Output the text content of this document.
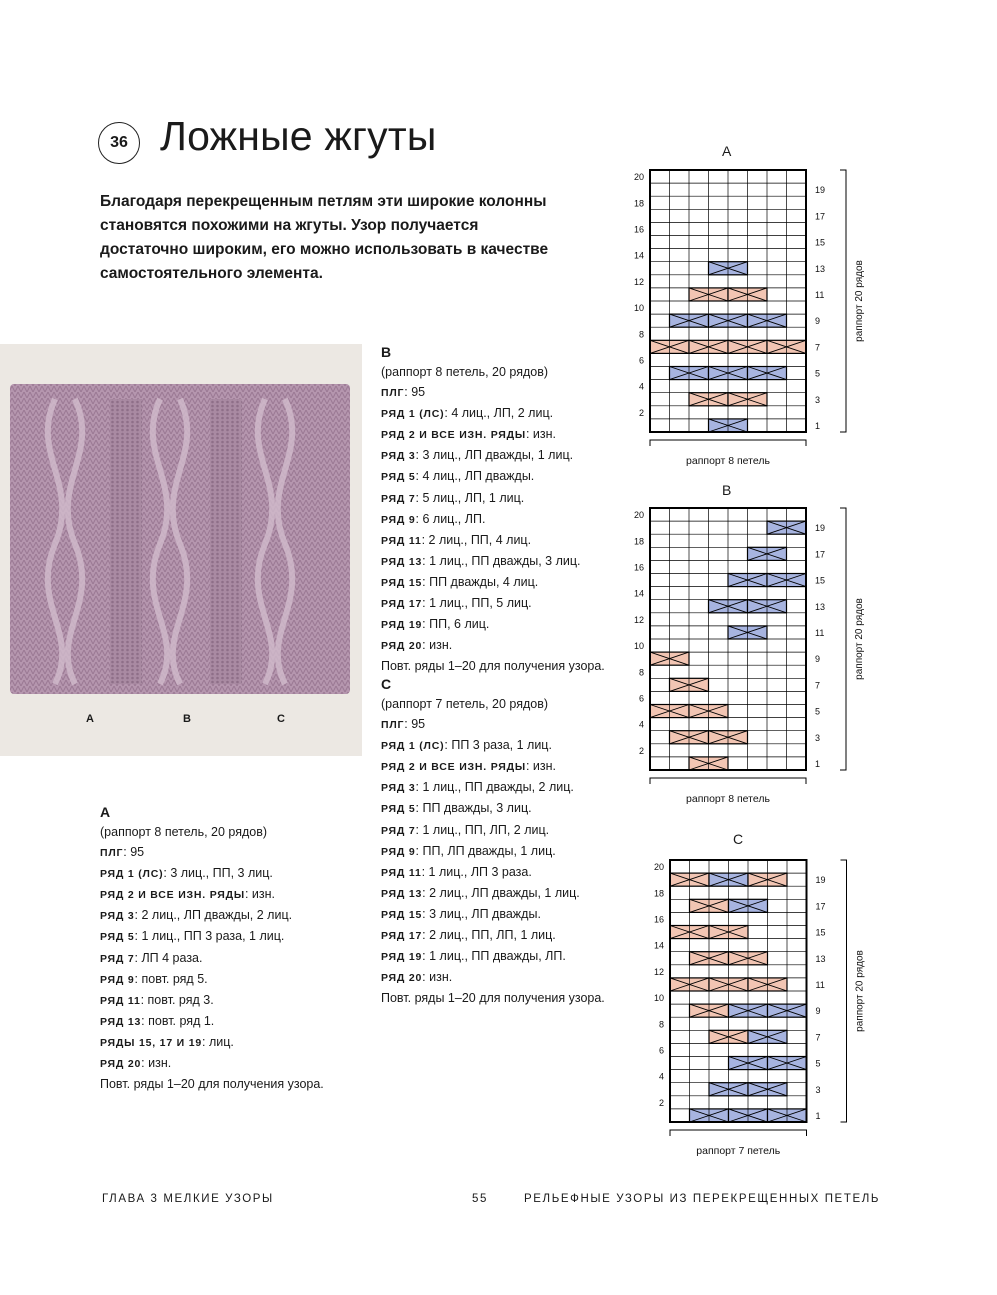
36 Ложные жгуты
Благодаря перекрещенным петлям эти широкие колонны становятся похожими на жгуты. Узор получается достаточно широким, его можно использовать в качестве самостоятельного элемента.
A	B	C
B
(раппорт 8 петель, 20 рядов)
ПЛГ: 95
РЯД 1 (ЛС): 4 лиц., ЛП, 2 лиц.
РЯД 2 И ВСЕ ИЗН. РЯДЫ: изн.
РЯД 3: 3 лиц., ЛП дважды, 1 лиц.
РЯД 5: 4 лиц., ЛП дважды.
РЯД 7: 5 лиц., ЛП, 1 лиц.
РЯД 9: 6 лиц., ЛП.
РЯД 11: 2 лиц., ПП, 4 лиц.
РЯД 13: 1 лиц., ПП дважды, 3 лиц.
РЯД 15: ПП дважды, 4 лиц.
РЯД 17: 1 лиц., ПП, 5 лиц.
РЯД 19: ПП, 6 лиц.
РЯД 20: изн.
Повт. ряды 1–20 для получения узора.
C
(раппорт 7 петель, 20 рядов)
ПЛГ: 95
РЯД 1 (ЛС): ПП 3 раза, 1 лиц.
РЯД 2 И ВСЕ ИЗН. РЯДЫ: изн.
РЯД 3: 1 лиц., ПП дважды, 2 лиц.
РЯД 5: ПП дважды, 3 лиц.
РЯД 7: 1 лиц., ПП, ЛП, 2 лиц.
РЯД 9: ПП, ЛП дважды, 1 лиц.
РЯД 11: 1 лиц., ЛП 3 раза.
РЯД 13: 2 лиц., ЛП дважды, 1 лиц.
РЯД 15: 3 лиц., ЛП дважды.
РЯД 17: 2 лиц., ПП, ЛП, 1 лиц.
РЯД 19: 1 лиц., ПП дважды, ЛП.
РЯД 20: изн.
Повт. ряды 1–20 для получения узора.
A
(раппорт 8 петель, 20 рядов)
ПЛГ: 95
РЯД 1 (ЛС): 3 лиц., ПП, 3 лиц.
РЯД 2 И ВСЕ ИЗН. РЯДЫ: изн.
РЯД 3: 2 лиц., ЛП дважды, 2 лиц.
РЯД 5: 1 лиц., ПП 3 раза, 1 лиц.
РЯД 7: ЛП 4 раза.
РЯД 9: повт. ряд 5.
РЯД 11: повт. ряд 3.
РЯД 13: повт. ряд 1.
РЯДЫ 15, 17 И 19: лиц.
РЯД 20: изн.
Повт. ряды 1–20 для получения узора.
A
B
C
1
2
3
4
5
6
7
8
9
10
11
12
13
14
15
16
17
18
19
20
раппорт 20 рядов
раппорт 8 петель
1
2
3
4
5
6
7
8
9
10
11
12
13
14
15
16
17
18
19
20
раппорт 20 рядов
раппорт 8 петель
1
2
3
4
5
6
7
8
9
10
11
12
13
14
15
16
17
18
19
20
раппорт 20 рядов
раппорт 7 петель
ГЛАВА 3 МЕЛКИЕ УЗОРЫ	55	РЕЛЬЕФНЫЕ УЗОРЫ ИЗ ПЕРЕКРЕЩЕННЫХ ПЕТЕЛЬ
